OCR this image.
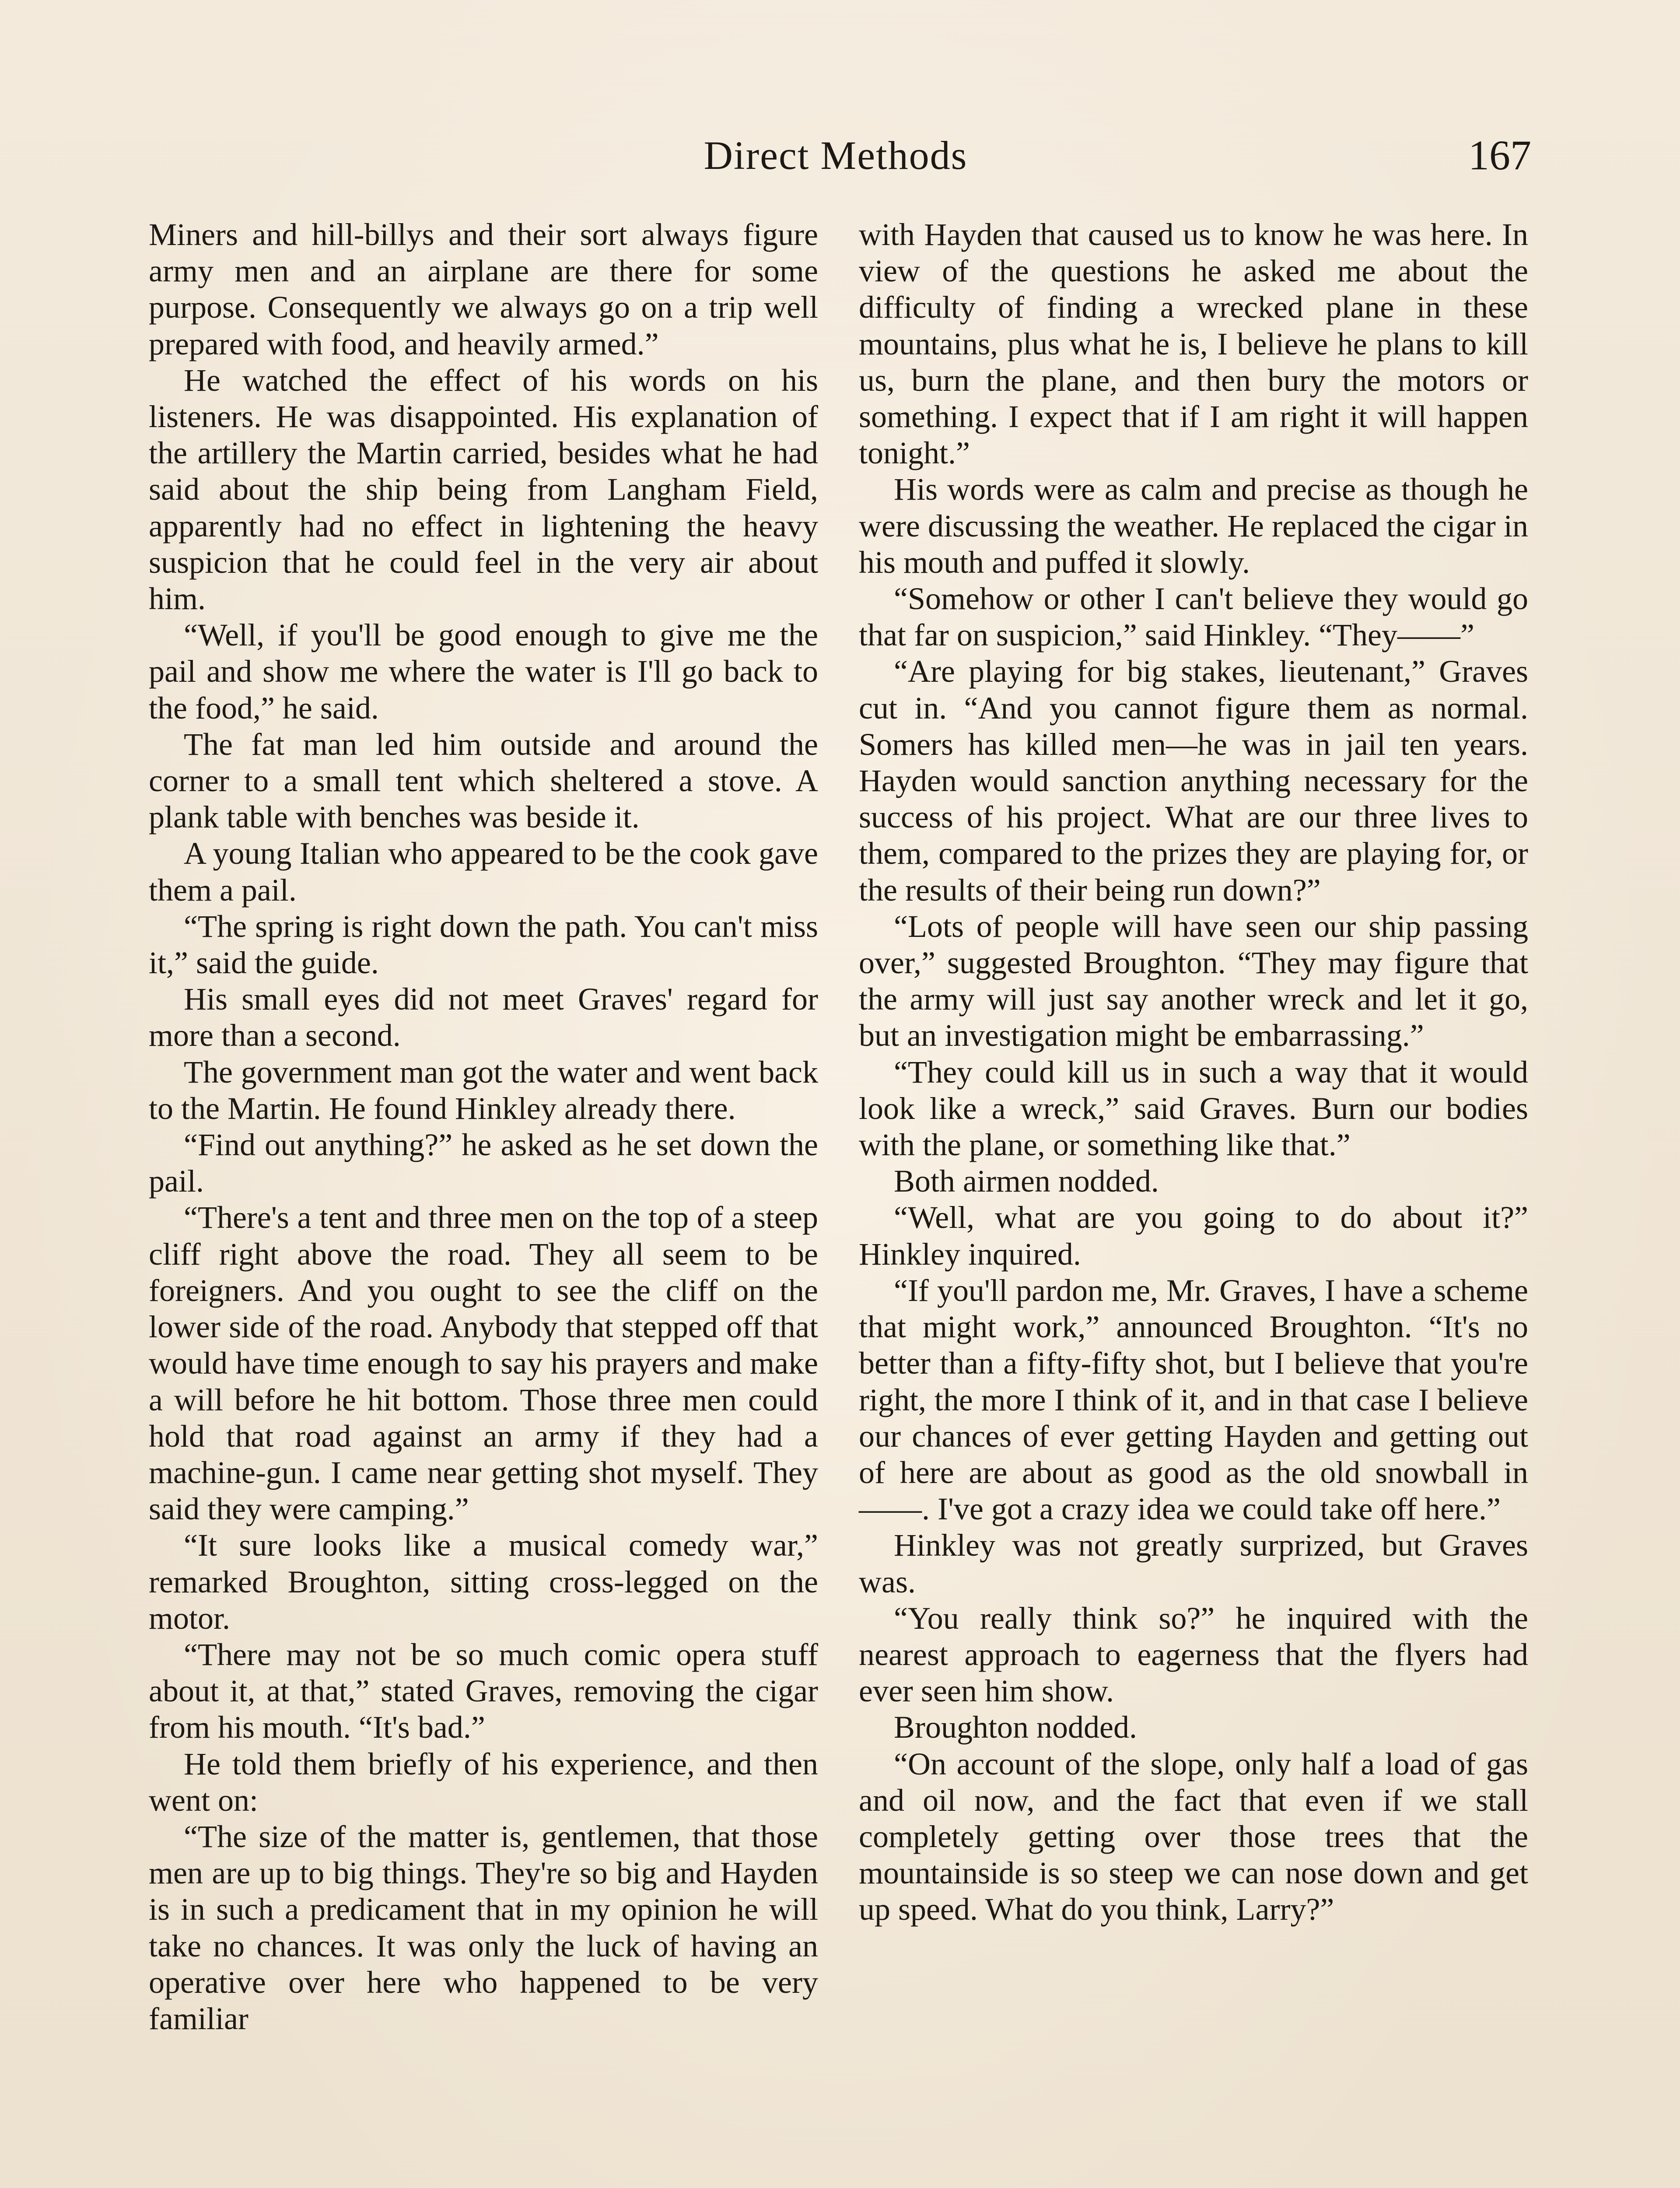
Direct Methods	167

Miners and hill-billys and their sort always figure army men and an airplane are there for some purpose. Consequently we always go on a trip well prepared with food, and heavily armed.”

He watched the effect of his words on his listeners. He was disappointed. His explanation of the artillery the Martin carried, besides what he had said about the ship being from Langham Field, apparently had no effect in lightening the heavy suspicion that he could feel in the very air about him.

“Well, if you'll be good enough to give me the pail and show me where the water is I'll go back to the food,” he said.

The fat man led him outside and around the corner to a small tent which sheltered a stove. A plank table with benches was beside it.

A young Italian who appeared to be the cook gave them a pail.

“The spring is right down the path. You can't miss it,” said the guide.

His small eyes did not meet Graves' regard for more than a second.

The government man got the water and went back to the Martin. He found Hinkley already there.

“Find out anything?” he asked as he set down the pail.

“There's a tent and three men on the top of a steep cliff right above the road. They all seem to be foreigners. And you ought to see the cliff on the lower side of the road. Anybody that stepped off that would have time enough to say his prayers and make a will before he hit bottom. Those three men could hold that road against an army if they had a machine-gun. I came near getting shot myself. They said they were camping.”

“It sure looks like a musical comedy war,” remarked Broughton, sitting cross-legged on the motor.

“There may not be so much comic opera stuff about it, at that,” stated Graves, removing the cigar from his mouth. “It's bad.”

He told them briefly of his experience, and then went on:

“The size of the matter is, gentlemen, that those men are up to big things. They're so big and Hayden is in such a predicament that in my opinion he will take no chances. It was only the luck of having an operative over here who happened to be very familiar

with Hayden that caused us to know he was here. In view of the questions he asked me about the difficulty of finding a wrecked plane in these mountains, plus what he is, I believe he plans to kill us, burn the plane, and then bury the motors or something. I expect that if I am right it will happen tonight.”

His words were as calm and precise as though he were discussing the weather. He replaced the cigar in his mouth and puffed it slowly.

“Somehow or other I can't believe they would go that far on suspicion,” said Hinkley. “They——”

“Are playing for big stakes, lieutenant,” Graves cut in. “And you cannot figure them as normal. Somers has killed men—he was in jail ten years. Hayden would sanction anything necessary for the success of his project. What are our three lives to them, compared to the prizes they are playing for, or the results of their being run down?”

“Lots of people will have seen our ship passing over,” suggested Broughton. “They may figure that the army will just say another wreck and let it go, but an investigation might be embarrassing.”

“They could kill us in such a way that it would look like a wreck,” said Graves. Burn our bodies with the plane, or something like that.”

Both airmen nodded.

“Well, what are you going to do about it?” Hinkley inquired.

“If you'll pardon me, Mr. Graves, I have a scheme that might work,” announced Broughton. “It's no better than a fifty-fifty shot, but I believe that you're right, the more I think of it, and in that case I believe our chances of ever getting Hayden and getting out of here are about as good as the old snowball in ——. I've got a crazy idea we could take off here.”

Hinkley was not greatly surprized, but Graves was.

“You really think so?” he inquired with the nearest approach to eagerness that the flyers had ever seen him show.

Broughton nodded.

“On account of the slope, only half a load of gas and oil now, and the fact that even if we stall completely getting over those trees that the mountainside is so steep we can nose down and get up speed. What do you think, Larry?”
